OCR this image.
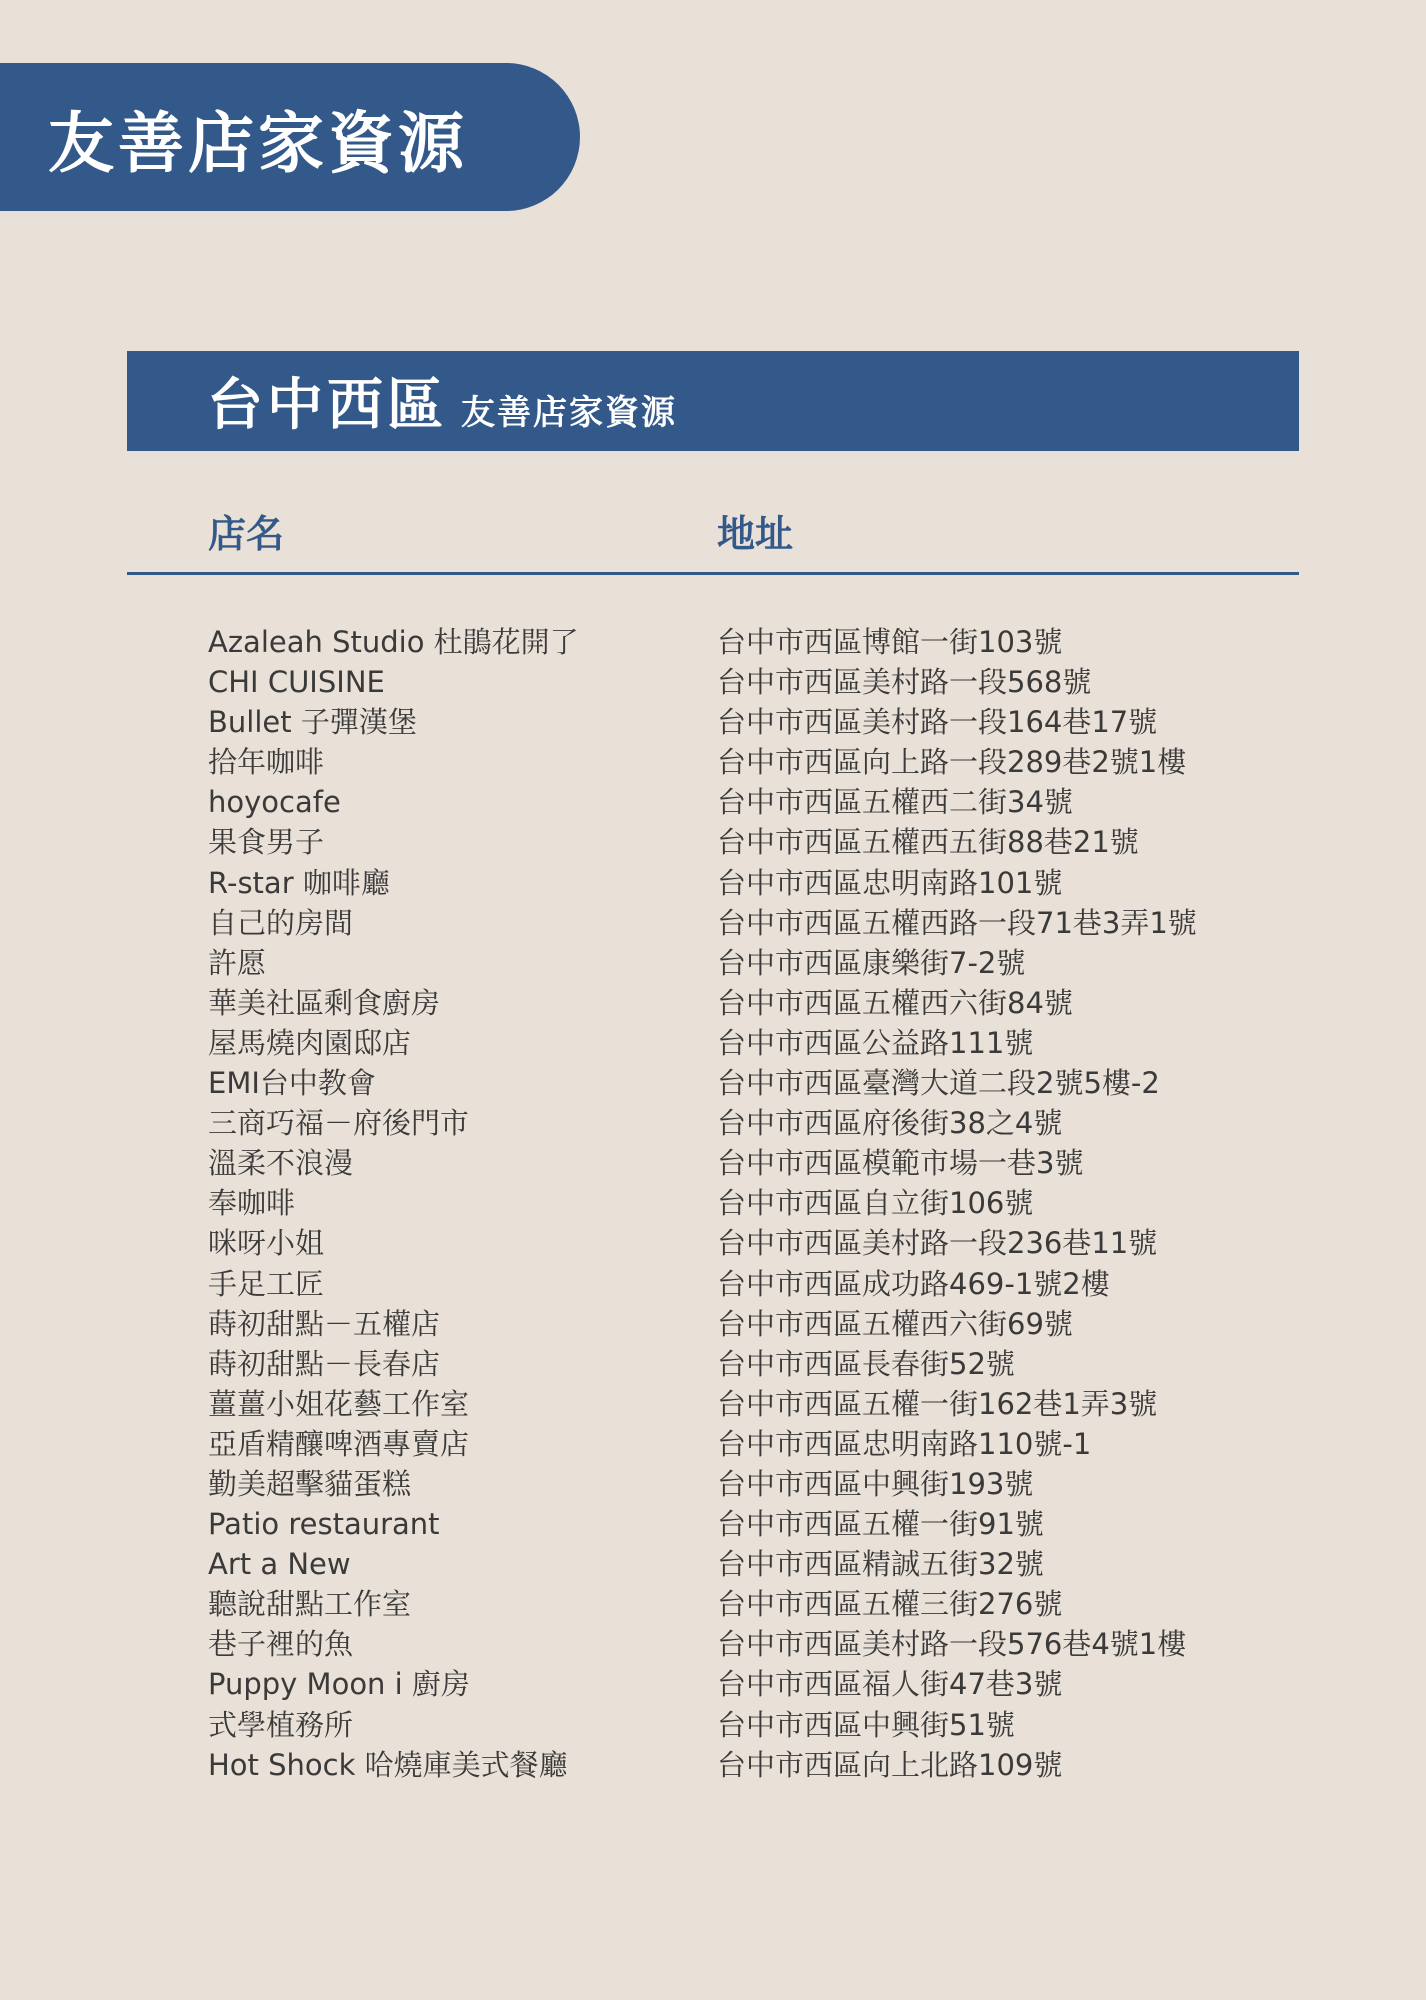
友善店家資源
台中西區 友善店家資源
店名	地址
Azaleah Studio 杜鵑花開了
CHI CUISINE
Bullet 子彈漢堡
拾年咖啡
hoyocafe
果食男子
R-star 咖啡廳
自己的房間
許愿
華美社區剩食廚房
屋馬燒肉園邸店
EMI台中教會
三商巧福－府後門市
溫柔不浪漫
奉咖啡
咪呀小姐
手足工匠
蒔初甜點－五權店
蒔初甜點－長春店
薑薑小姐花藝工作室
亞盾精釀啤酒專賣店
勤美超擊貓蛋糕
Patio restaurant
Art a New
聽說甜點工作室
巷子裡的魚
Puppy Moon i 廚房
式學植務所
Hot Shock 哈燒庫美式餐廳
台中市西區博館一街103號
台中市西區美村路一段568號
台中市西區美村路一段164巷17號
台中市西區向上路一段289巷2號1樓
台中市西區五權西二街34號
台中市西區五權西五街88巷21號
台中市西區忠明南路101號
台中市西區五權西路一段71巷3弄1號
台中市西區康樂街7-2號
台中市西區五權西六街84號
台中市西區公益路111號
台中市西區臺灣大道二段2號5樓-2
台中市西區府後街38之4號
台中市西區模範市場一巷3號
台中市西區自立街106號
台中市西區美村路一段236巷11號
台中市西區成功路469-1號2樓
台中市西區五權西六街69號
台中市西區長春街52號
台中市西區五權一街162巷1弄3號
台中市西區忠明南路110號-1
台中市西區中興街193號
台中市西區五權一街91號
台中市西區精誠五街32號
台中市西區五權三街276號
台中市西區美村路一段576巷4號1樓
台中市西區福人街47巷3號
台中市西區中興街51號
台中市西區向上北路109號
